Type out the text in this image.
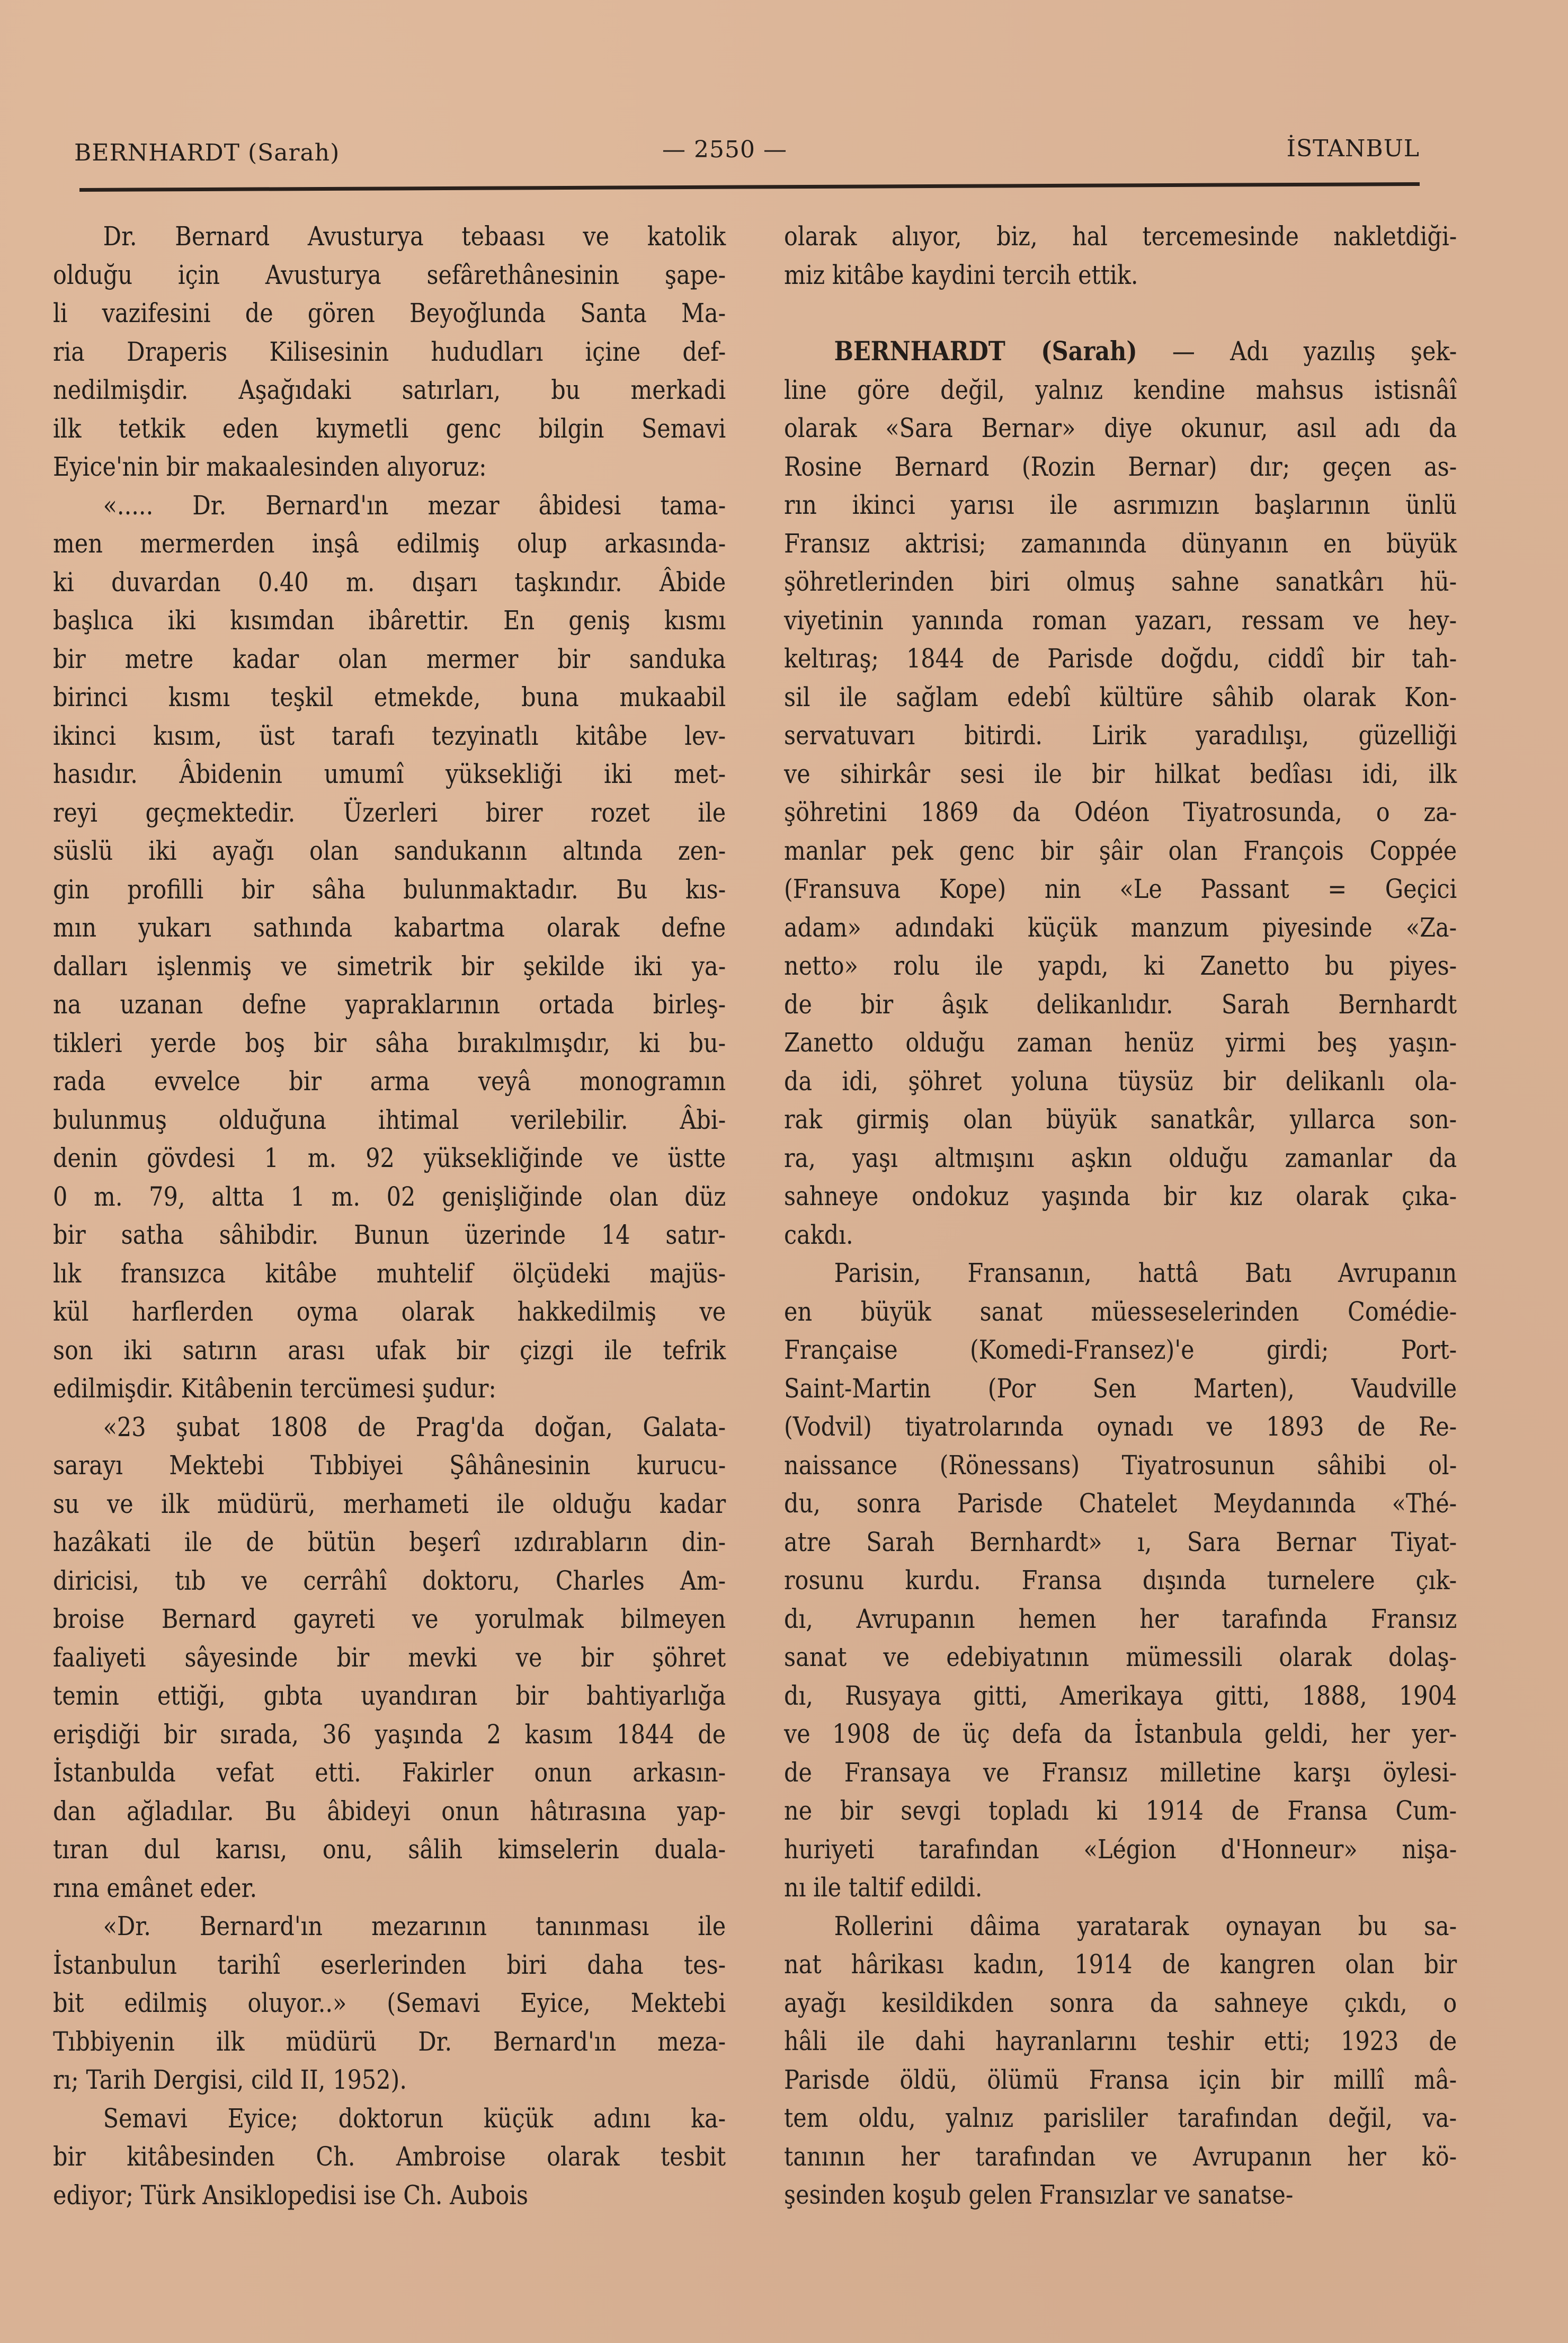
BERNHARDT (Sarah)	— 2550 —	İSTANBUL
Dr. Bernard Avusturya tebaası ve katolik
olduğu için Avusturya sefârethânesinin şape-
li vazifesini de gören Beyoğlunda Santa Ma-
ria Draperis Kilisesinin hududları içine def-
nedilmişdir. Aşağıdaki satırları, bu merkadi
ilk tetkik eden kıymetli genc bilgin Semavi
Eyice'nin bir makaalesinden alıyoruz:
«..... Dr. Bernard'ın mezar âbidesi tama-
men mermerden inşâ edilmiş olup arkasında-
ki duvardan 0.40 m. dışarı taşkındır. Âbide
başlıca iki kısımdan ibârettir. En geniş kısmı
bir metre kadar olan mermer bir sanduka
birinci kısmı teşkil etmekde, buna mukaabil
ikinci kısım, üst tarafı tezyinatlı kitâbe lev-
hasıdır. Âbidenin umumî yüksekliği iki met-
reyi geçmektedir. Üzerleri birer rozet ile
süslü iki ayağı olan sandukanın altında zen-
gin profilli bir sâha bulunmaktadır. Bu kıs-
mın yukarı sathında kabartma olarak defne
dalları işlenmiş ve simetrik bir şekilde iki ya-
na uzanan defne yapraklarının ortada birleş-
tikleri yerde boş bir sâha bırakılmışdır, ki bu-
rada evvelce bir arma veyâ monogramın
bulunmuş olduğuna ihtimal verilebilir. Âbi-
denin gövdesi 1 m. 92 yüksekliğinde ve üstte
0 m. 79, altta 1 m. 02 genişliğinde olan düz
bir satha sâhibdir. Bunun üzerinde 14 satır-
lık fransızca kitâbe muhtelif ölçüdeki majüs-
kül harflerden oyma olarak hakkedilmiş ve
son iki satırın arası ufak bir çizgi ile tefrik
edilmişdir. Kitâbenin tercümesi şudur:
«23 şubat 1808 de Prag'da doğan, Galata-
sarayı Mektebi Tıbbiyei Şâhânesinin kurucu-
su ve ilk müdürü, merhameti ile olduğu kadar
hazâkati ile de bütün beşerî ızdırabların din-
diricisi, tıb ve cerrâhî doktoru, Charles Am-
broise Bernard gayreti ve yorulmak bilmeyen
faaliyeti sâyesinde bir mevki ve bir şöhret
temin ettiği, gıbta uyandıran bir bahtiyarlığa
erişdiği bir sırada, 36 yaşında 2 kasım 1844 de
İstanbulda vefat etti. Fakirler onun arkasın-
dan ağladılar. Bu âbideyi onun hâtırasına yap-
tıran dul karısı, onu, sâlih kimselerin duala-
rına emânet eder.
«Dr. Bernard'ın mezarının tanınması ile
İstanbulun tarihî eserlerinden biri daha tes-
bit edilmiş oluyor..» (Semavi Eyice, Mektebi
Tıbbiyenin ilk müdürü Dr. Bernard'ın meza-
rı; Tarih Dergisi, cild II, 1952).
Semavi Eyice; doktorun küçük adını ka-
bir kitâbesinden Ch. Ambroise olarak tesbit
ediyor; Türk Ansiklopedisi ise Ch. Aubois
olarak alıyor, biz, hal tercemesinde nakletdiği-
miz kitâbe kaydini tercih ettik.
BERNHARDT (Sarah) — Adı yazılış şek-
line göre değil, yalnız kendine mahsus istisnâî
olarak «Sara Bernar» diye okunur, asıl adı da
Rosine Bernard (Rozin Bernar) dır; geçen as-
rın ikinci yarısı ile asrımızın başlarının ünlü
Fransız aktrisi; zamanında dünyanın en büyük
şöhretlerinden biri olmuş sahne sanatkârı hü-
viyetinin yanında roman yazarı, ressam ve hey-
keltıraş; 1844 de Parisde doğdu, ciddî bir tah-
sil ile sağlam edebî kültüre sâhib olarak Kon-
servatuvarı bitirdi. Lirik yaradılışı, güzelliği
ve sihirkâr sesi ile bir hilkat bedîası idi, ilk
şöhretini 1869 da Odéon Tiyatrosunda, o za-
manlar pek genc bir şâir olan François Coppée
(Fransuva Kope) nin «Le Passant = Geçici
adam» adındaki küçük manzum piyesinde «Za-
netto» rolu ile yapdı, ki Zanetto bu piyes-
de bir âşık delikanlıdır. Sarah Bernhardt
Zanetto olduğu zaman henüz yirmi beş yaşın-
da idi, şöhret yoluna tüysüz bir delikanlı ola-
rak girmiş olan büyük sanatkâr, yıllarca son-
ra, yaşı altmışını aşkın olduğu zamanlar da
sahneye ondokuz yaşında bir kız olarak çıka-
cakdı.
Parisin, Fransanın, hattâ Batı Avrupanın
en büyük sanat müesseselerinden Comédie-
Française (Komedi-Fransez)'e girdi; Port-
Saint-Martin (Por Sen Marten), Vaudville
(Vodvil) tiyatrolarında oynadı ve 1893 de Re-
naissance (Rönessans) Tiyatrosunun sâhibi ol-
du, sonra Parisde Chatelet Meydanında «Thé-
atre Sarah Bernhardt» ı, Sara Bernar Tiyat-
rosunu kurdu. Fransa dışında turnelere çık-
dı, Avrupanın hemen her tarafında Fransız
sanat ve edebiyatının mümessili olarak dolaş-
dı, Rusyaya gitti, Amerikaya gitti, 1888, 1904
ve 1908 de üç defa da İstanbula geldi, her yer-
de Fransaya ve Fransız milletine karşı öylesi-
ne bir sevgi topladı ki 1914 de Fransa Cum-
huriyeti tarafından «Légion d'Honneur» nişa-
nı ile taltif edildi.
Rollerini dâima yaratarak oynayan bu sa-
nat hârikası kadın, 1914 de kangren olan bir
ayağı kesildikden sonra da sahneye çıkdı, o
hâli ile dahi hayranlarını teshir etti; 1923 de
Parisde öldü, ölümü Fransa için bir millî mâ-
tem oldu, yalnız parisliler tarafından değil, va-
tanının her tarafından ve Avrupanın her kö-
şesinden koşub gelen Fransızlar ve sanatse-
